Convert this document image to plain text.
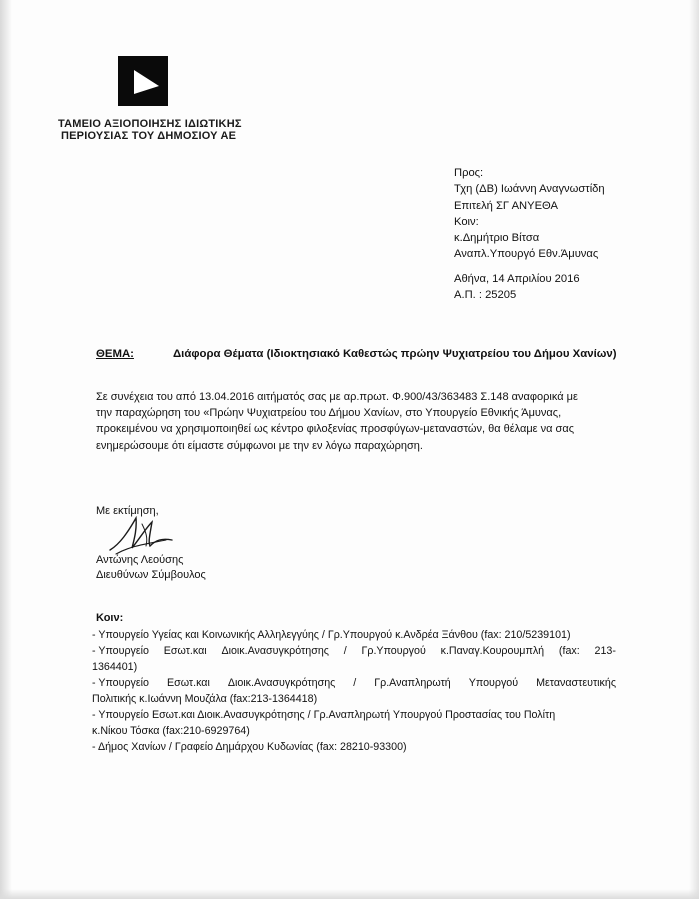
ΤΑΜΕΙΟ ΑΞΙΟΠΟΙΗΣΗΣ ΙΔΙΩΤΙΚΗΣ
ΠΕΡΙΟΥΣΙΑΣ ΤΟΥ ΔΗΜΟΣΙΟΥ ΑΕ
Προς:
Τχη (ΔΒ) Ιωάννη Αναγνωστίδη
Επιτελή ΣΓ ΑΝΥΕΘΑ
Κοιν:
κ.Δημήτριο Βίτσα
Αναπλ.Υπουργό Εθν.Άμυνας
Αθήνα, 14 Απριλίου 2016
Α.Π. : 25205
ΘΕΜΑ:	Διάφορα Θέματα (Ιδιοκτησιακό Καθεστώς πρώην Ψυχιατρείου του Δήμου Χανίων)
Σε συνέχεια του από 13.04.2016 αιτήματός σας με αρ.πρωτ. Φ.900/43/363483 Σ.148 αναφορικά με
την παραχώρηση του «Πρώην Ψυχιατρείου του Δήμου Χανίων, στο Υπουργείο Εθνικής Άμυνας,
προκειμένου να χρησιμοποιηθεί ως κέντρο φιλοξενίας προσφύγων-μεταναστών, θα θέλαμε να σας
ενημερώσουμε ότι είμαστε σύμφωνοι με την εν λόγω παραχώρηση.
Με εκτίμηση,
Αντώνης Λεούσης
Διευθύνων Σύμβουλος
Κοιν:
- Υπουργείο Υγείας και Κοινωνικής Αλληλεγγύης / Γρ.Υπουργού κ.Ανδρέα Ξάνθου (fax: 210/5239101)
- Υπουργείο Εσωτ.και Διοικ.Ανασυγκρότησης / Γρ.Υπουργού κ.Παναγ.Κουρουμπλή (fax: 213-
1364401)
- Υπουργείο Εσωτ.και Διοικ.Ανασυγκρότησης / Γρ.Αναπληρωτή Υπουργού Μεταναστευτικής
Πολιτικής κ.Ιωάννη Μουζάλα (fax:213-1364418)
- Υπουργείο Εσωτ.και Διοικ.Ανασυγκρότησης / Γρ.Αναπληρωτή Υπουργού Προστασίας του Πολίτη
κ.Νίκου Τόσκα (fax:210-6929764)
- Δήμος Χανίων / Γραφείο Δημάρχου Κυδωνίας (fax: 28210-93300)
